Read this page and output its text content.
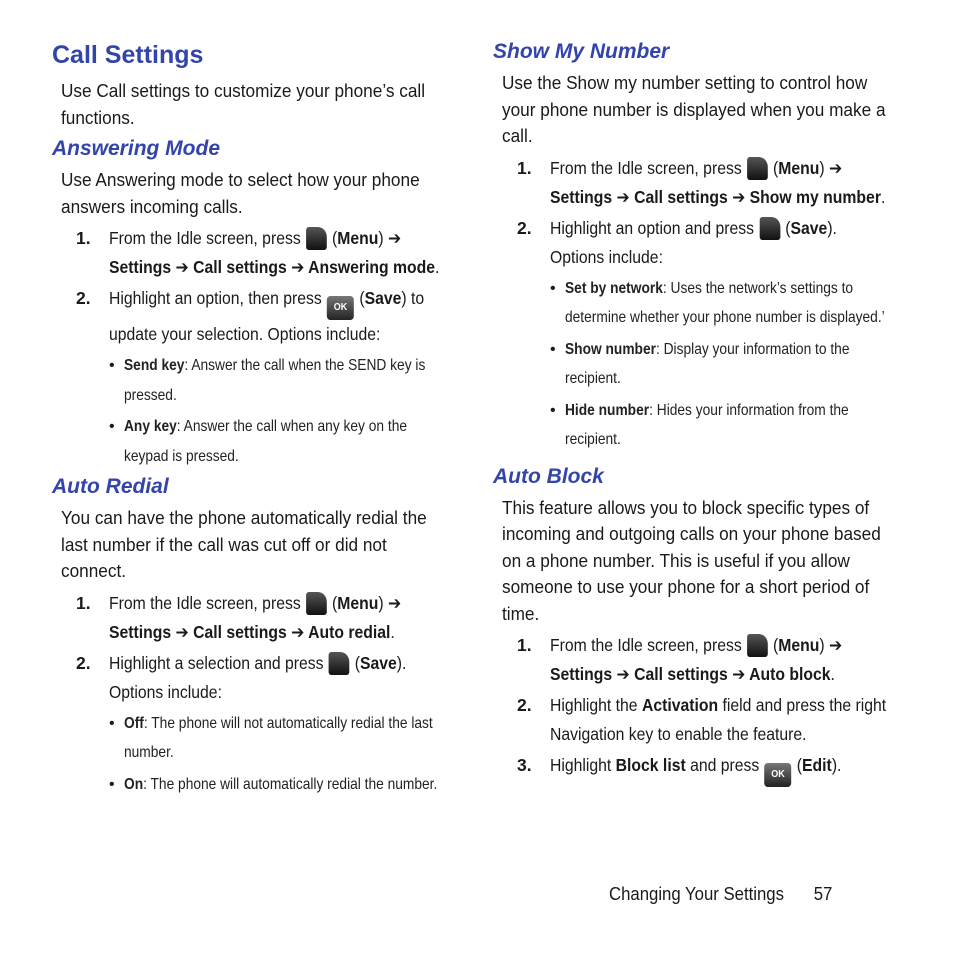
Call Settings

Use Call settings to customize your phone’s call functions.

Answering Mode

Use Answering mode to select how your phone answers incoming calls.

1. From the Idle screen, press  (Menu) ➔ Settings ➔ Call settings ➔ Answering mode.
2. Highlight an option, then press OK (Save) to update your selection. Options include:
• Send key: Answer the call when the SEND key is pressed.
• Any key: Answer the call when any key on the keypad is pressed.
Auto Redial

You can have the phone automatically redial the last number if the call was cut off or did not connect.

1. From the Idle screen, press  (Menu) ➔ Settings ➔ Call settings ➔ Auto redial.
2. Highlight a selection and press  (Save). Options include:
• Off: The phone will not automatically redial the last number.
• On: The phone will automatically redial the number.
Show My Number

Use the Show my number setting to control how your phone number is displayed when you make a call.

1. From the Idle screen, press  (Menu) ➔ Settings ➔ Call settings ➔ Show my number.
2. Highlight an option and press  (Save). Options include:
• Set by network: Uses the network’s settings to determine whether your phone number is displayed.’
• Show number: Display your information to the recipient.
• Hide number: Hides your information from the recipient.
Auto Block

This feature allows you to block specific types of incoming and outgoing calls on your phone based on a phone number. This is useful if you allow someone to use your phone for a short period of time.

1. From the Idle screen, press  (Menu) ➔ Settings ➔ Call settings ➔ Auto block.
2. Highlight the Activation field and press the right Navigation key to enable the feature.
3. Highlight Block list and press OK (Edit).
Changing Your Settings 57
